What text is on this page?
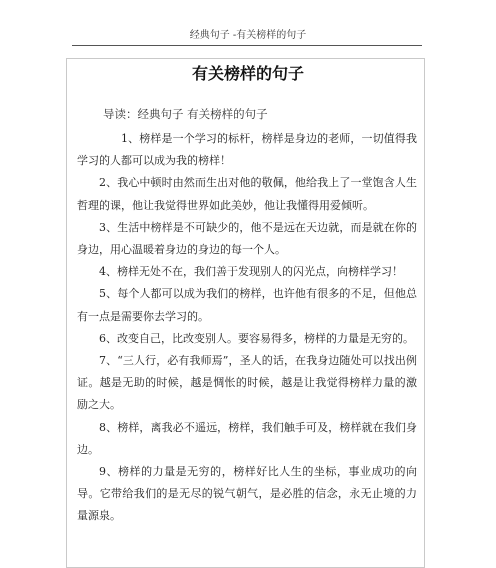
经典句子 -有关榜样的句子
有关榜样的句子
导读：经典句子 有关榜样的句子

1、榜样是一个学习的标杆，榜样是身边的老师，一切值得我学习的人都可以成为我的榜样！

2、我心中顿时由然而生出对他的敬佩，他给我上了一堂饱含人生哲理的课，他让我觉得世界如此美妙，他让我懂得用爱倾听。

3、生活中榜样是不可缺少的，他不是远在天边就，而是就在你的身边，用心温暖着身边的身边的每一个人。

4、榜样无处不在，我们善于发现别人的闪光点，向榜样学习！

5、每个人都可以成为我们的榜样，也许他有很多的不足，但他总有一点是需要你去学习的。

6、改变自己，比改变别人。要容易得多，榜样的力量是无穷的。

7、“三人行，必有我师焉”，圣人的话，在我身边随处可以找出例证。越是无助的时候，越是惆怅的时候，越是让我觉得榜样力量的激励之大。

8、榜样，离我必不遥远，榜样，我们触手可及，榜样就在我们身边。

9、榜样的力量是无穷的，榜样好比人生的坐标，事业成功的向导。它带给我们的是无尽的锐气朝气，是必胜的信念，永无止境的力量源泉。
